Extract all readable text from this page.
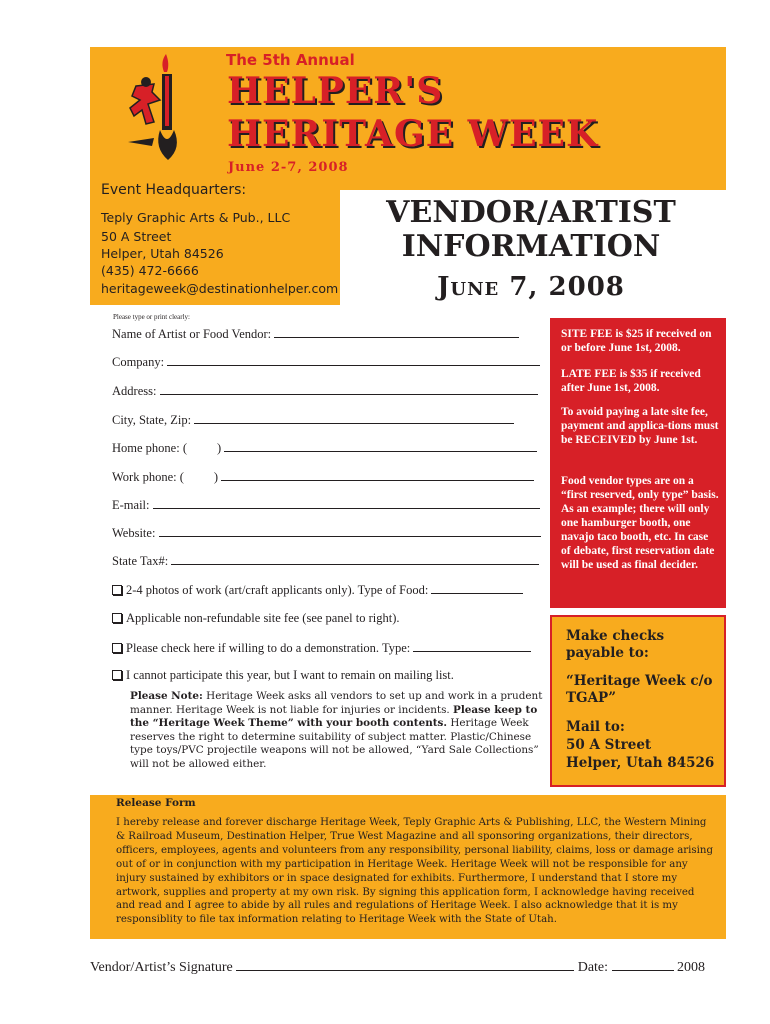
The 5th Annual
HELPER'S
HERITAGE WEEK
June 2-7, 2008
Event Headquarters:
Teply Graphic Arts & Pub., LLC
50 A Street
Helper, Utah 84526
(435) 472-6666
heritageweek@destinationhelper.com
VENDOR/ARTIST
INFORMATION
June 7, 2008
Please type or print clearly:
Name of Artist or Food Vendor:
Company:
Address:
City, State, Zip:
Home phone: ( )
Work phone: ( )
E-mail:
Website:
State Tax#:
2-4 photos of work (art/craft applicants only). Type of Food:
Applicable non-refundable site fee (see panel to right).
Please check here if willing to do a demonstration. Type:
I cannot participate this year, but I want to remain on mailing list.
Please Note: Heritage Week asks all vendors to set up and work in a prudent manner. Heritage Week is not liable for injuries or incidents. Please keep to the “Heritage Week Theme” with your booth contents. Heritage Week reserves the right to determine suitability of subject matter. Plastic/Chinese type toys/PVC projectile weapons will not be allowed, “Yard Sale Collections” will not be allowed either.
SITE FEE is $25 if received on or before June 1st, 2008.
LATE FEE is $35 if received after June 1st, 2008.
To avoid paying a late site fee, payment and applica-tions must be RECEIVED by June 1st.
Food vendor types are on a “first reserved, only type” basis. As an example; there will only one hamburger booth, one navajo taco booth, etc. In case of debate, first reservation date will be used as final decider.
Make checks payable to:
“Heritage Week c/o TGAP”
Mail to:
50 A Street
Helper, Utah 84526
Release Form
I hereby release and forever discharge Heritage Week, Teply Graphic Arts & Publishing, LLC, the Western Mining & Railroad Museum, Destination Helper, True West Magazine and all sponsoring organizations, their directors, officers, employees, agents and volunteers from any responsibility, personal liability, claims, loss or damage arising out of or in conjunction with my participation in Heritage Week. Heritage Week will not be responsible for any injury sustained by exhibitors or in space designated for exhibits. Furthermore, I understand that I store my artwork, supplies and property at my own risk. By signing this application form, I acknowledge having received and read and I agree to abide by all rules and regulations of Heritage Week. I also acknowledge that it is my responsiblity to file tax information relating to Heritage Week with the State of Utah.
Vendor/Artist’s Signature	Date:	2008
